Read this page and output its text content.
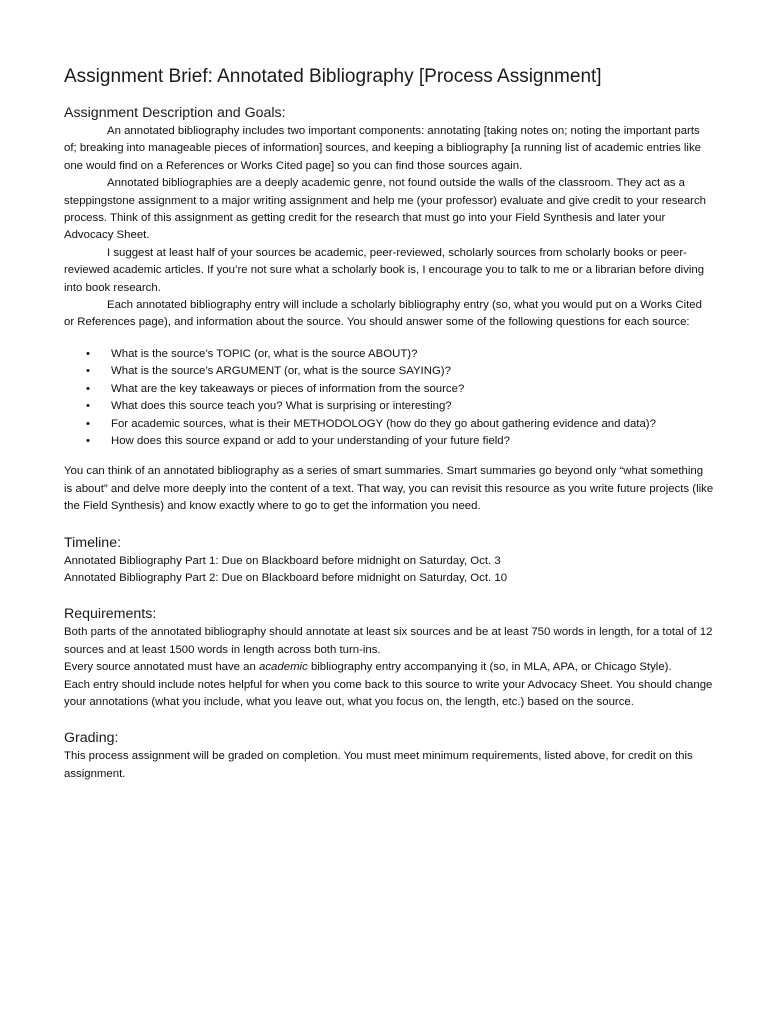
Assignment Brief: Annotated Bibliography [Process Assignment]
Assignment Description and Goals:

An annotated bibliography includes two important components: annotating [taking notes on; noting the important parts of; breaking into manageable pieces of information] sources, and keeping a bibliography [a running list of academic entries like one would find on a References or Works Cited page] so you can find those sources again.

Annotated bibliographies are a deeply academic genre, not found outside the walls of the classroom. They act as a steppingstone assignment to a major writing assignment and help me (your professor) evaluate and give credit to your research process. Think of this assignment as getting credit for the research that must go into your Field Synthesis and later your Advocacy Sheet.

I suggest at least half of your sources be academic, peer-reviewed, scholarly sources from scholarly books or peer-reviewed academic articles. If you’re not sure what a scholarly book is, I encourage you to talk to me or a librarian before diving into book research.

Each annotated bibliography entry will include a scholarly bibliography entry (so, what you would put on a Works Cited or References page), and information about the source. You should answer some of the following questions for each source:

• What is the source’s TOPIC (or, what is the source ABOUT)?
• What is the source’s ARGUMENT (or, what is the source SAYING)?
• What are the key takeaways or pieces of information from the source?
• What does this source teach you? What is surprising or interesting?
• For academic sources, what is their METHODOLOGY (how do they go about gathering evidence and data)?
• How does this source expand or add to your understanding of your future field?

You can think of an annotated bibliography as a series of smart summaries. Smart summaries go beyond only “what something is about” and delve more deeply into the content of a text. That way, you can revisit this resource as you write future projects (like the Field Synthesis) and know exactly where to go to get the information you need.

Timeline:

Annotated Bibliography Part 1: Due on Blackboard before midnight on Saturday, Oct. 3

Annotated Bibliography Part 2: Due on Blackboard before midnight on Saturday, Oct. 10

Requirements:

Both parts of the annotated bibliography should annotate at least six sources and be at least 750 words in length, for a total of 12 sources and at least 1500 words in length across both turn-ins.

Every source annotated must have an academic bibliography entry accompanying it (so, in MLA, APA, or Chicago Style).

Each entry should include notes helpful for when you come back to this source to write your Advocacy Sheet. You should change your annotations (what you include, what you leave out, what you focus on, the length, etc.) based on the source.

Grading:

This process assignment will be graded on completion. You must meet minimum requirements, listed above, for credit on this assignment.
